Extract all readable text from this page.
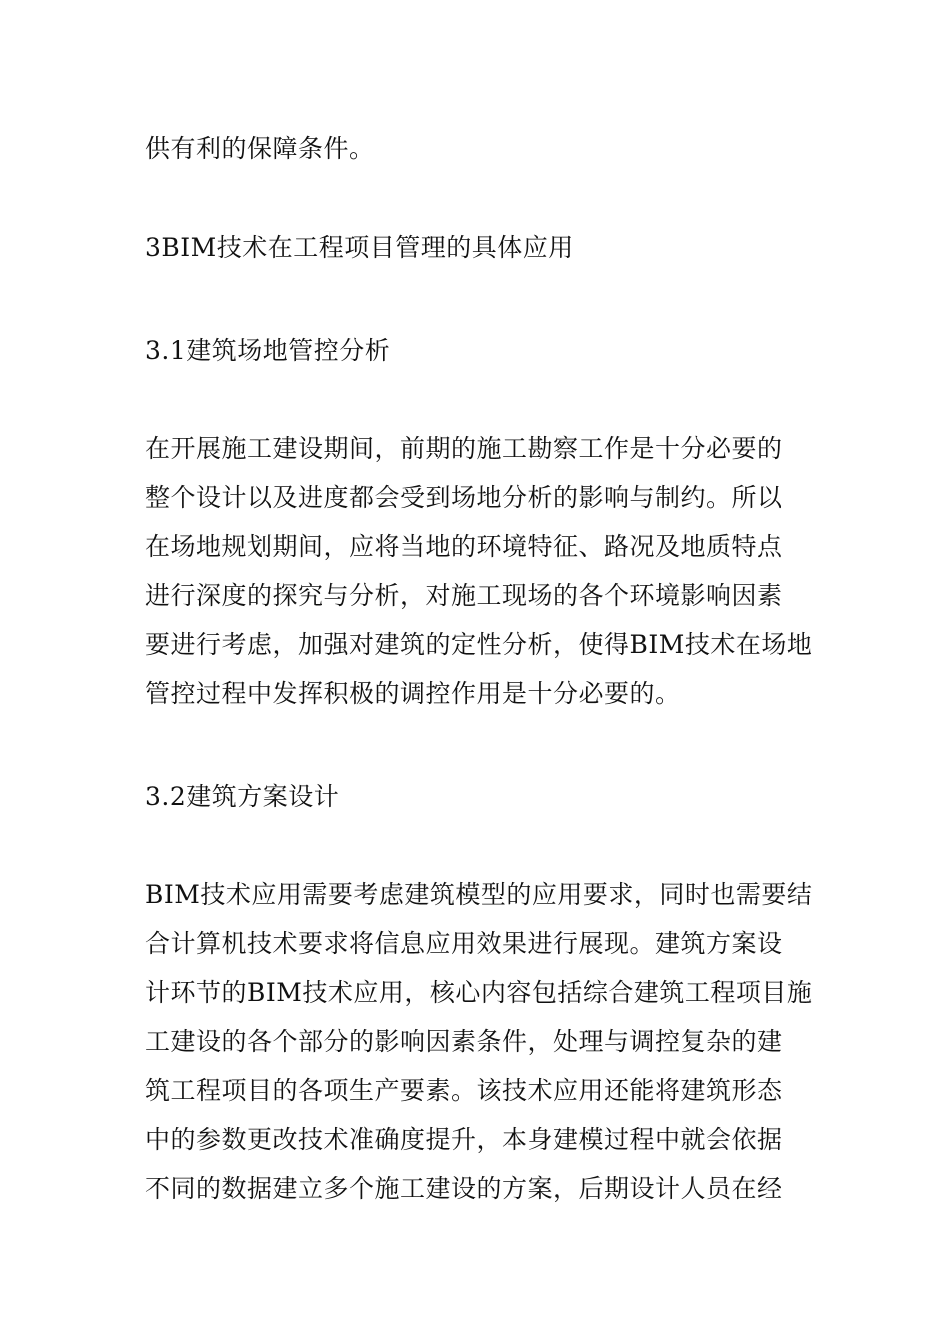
供有利的保障条件。
3BIM技术在工程项目管理的具体应用
3.1建筑场地管控分析
在开展施工建设期间，前期的施工勘察工作是十分必要的
整个设计以及进度都会受到场地分析的影响与制约。所以
在场地规划期间，应将当地的环境特征、路况及地质特点
进行深度的探究与分析，对施工现场的各个环境影响因素
要进行考虑，加强对建筑的定性分析，使得BIM技术在场地
管控过程中发挥积极的调控作用是十分必要的。
3.2建筑方案设计
BIM技术应用需要考虑建筑模型的应用要求，同时也需要结
合计算机技术要求将信息应用效果进行展现。建筑方案设
计环节的BIM技术应用，核心内容包括综合建筑工程项目施
工建设的各个部分的影响因素条件，处理与调控复杂的建
筑工程项目的各项生产要素。该技术应用还能将建筑形态
中的参数更改技术准确度提升，本身建模过程中就会依据
不同的数据建立多个施工建设的方案，后期设计人员在经
